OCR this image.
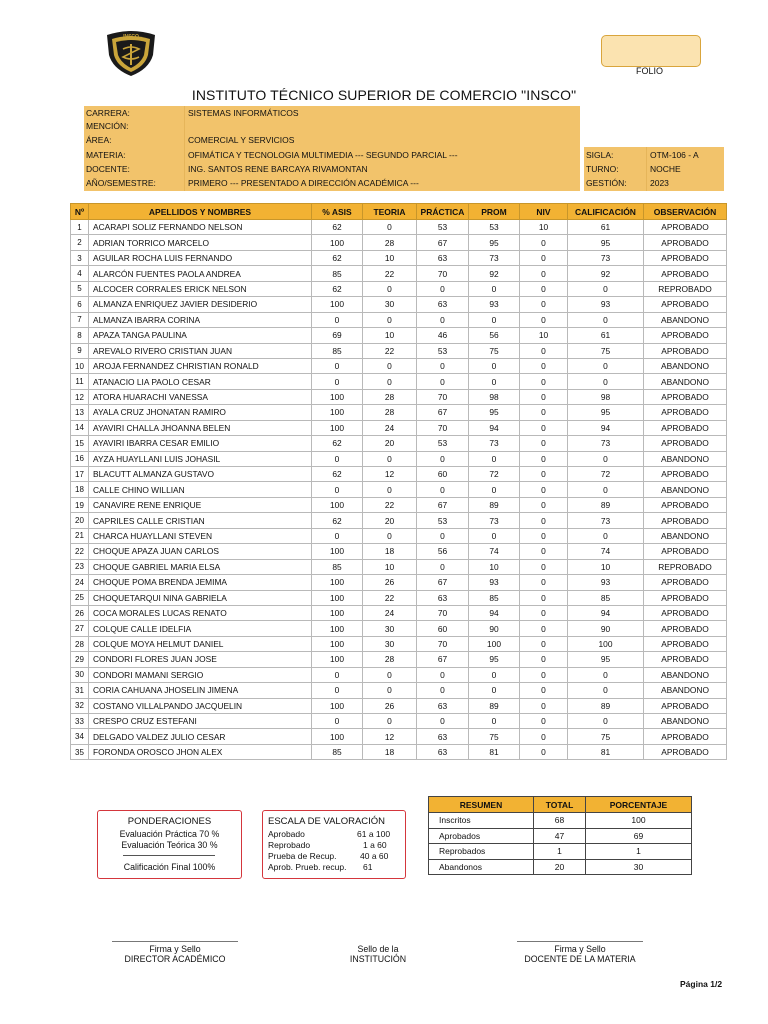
INSCO
FOLIO
INSTITUTO TÉCNICO SUPERIOR DE COMERCIO "INSCO"
CARRERA:	SISTEMAS INFORMÁTICOS
MENCIÓN:
ÁREA:	COMERCIAL Y SERVICIOS
MATERIA:	OFIMÁTICA Y TECNOLOGIA MULTIMEDIA --- SEGUNDO PARCIAL ---
DOCENTE:	ING. SANTOS RENE BARCAYA RIVAMONTAN
AÑO/SEMESTRE:	PRIMERO --- PRESENTADO A DIRECCIÓN ACADÉMICA ---
SIGLA:	OTM-106 - A
TURNO:	NOCHE
GESTIÓN:	2023
Nº	APELLIDOS Y NOMBRES	% ASIS	TEORIA	PRÁCTICA	PROM	NIV	CALIFICACIÓN	OBSERVACIÓN
1	ACARAPI SOLIZ FERNANDO NELSON	62	0	53	53	10	61	APROBADO
2	ADRIAN TORRICO MARCELO	100	28	67	95	0	95	APROBADO
3	AGUILAR ROCHA LUIS FERNANDO	62	10	63	73	0	73	APROBADO
4	ALARCÓN FUENTES PAOLA ANDREA	85	22	70	92	0	92	APROBADO
5	ALCOCER CORRALES ERICK NELSON	62	0	0	0	0	0	REPROBADO
6	ALMANZA ENRIQUEZ JAVIER DESIDERIO	100	30	63	93	0	93	APROBADO
7	ALMANZA IBARRA CORINA	0	0	0	0	0	0	ABANDONO
8	APAZA TANGA PAULINA	69	10	46	56	10	61	APROBADO
9	AREVALO RIVERO CRISTIAN JUAN	85	22	53	75	0	75	APROBADO
10	AROJA FERNANDEZ CHRISTIAN RONALD	0	0	0	0	0	0	ABANDONO
11	ATANACIO LIA PAOLO CESAR	0	0	0	0	0	0	ABANDONO
12	ATORA HUARACHI VANESSA	100	28	70	98	0	98	APROBADO
13	AYALA CRUZ JHONATAN RAMIRO	100	28	67	95	0	95	APROBADO
14	AYAVIRI CHALLA JHOANNA BELEN	100	24	70	94	0	94	APROBADO
15	AYAVIRI IBARRA CESAR EMILIO	62	20	53	73	0	73	APROBADO
16	AYZA HUAYLLANI LUIS JOHASIL	0	0	0	0	0	0	ABANDONO
17	BLACUTT ALMANZA GUSTAVO	62	12	60	72	0	72	APROBADO
18	CALLE CHINO WILLIAN	0	0	0	0	0	0	ABANDONO
19	CANAVIRE RENE ENRIQUE	100	22	67	89	0	89	APROBADO
20	CAPRILES CALLE CRISTIAN	62	20	53	73	0	73	APROBADO
21	CHARCA HUAYLLANI STEVEN	0	0	0	0	0	0	ABANDONO
22	CHOQUE APAZA JUAN CARLOS	100	18	56	74	0	74	APROBADO
23	CHOQUE GABRIEL MARIA ELSA	85	10	0	10	0	10	REPROBADO
24	CHOQUE POMA BRENDA JEMIMA	100	26	67	93	0	93	APROBADO
25	CHOQUETARQUI NINA GABRIELA	100	22	63	85	0	85	APROBADO
26	COCA MORALES LUCAS RENATO	100	24	70	94	0	94	APROBADO
27	COLQUE CALLE IDELFIA	100	30	60	90	0	90	APROBADO
28	COLQUE MOYA HELMUT DANIEL	100	30	70	100	0	100	APROBADO
29	CONDORI FLORES JUAN JOSE	100	28	67	95	0	95	APROBADO
30	CONDORI MAMANI SERGIO	0	0	0	0	0	0	ABANDONO
31	CORIA CAHUANA JHOSELIN JIMENA	0	0	0	0	0	0	ABANDONO
32	COSTANO VILLALPANDO JACQUELIN	100	26	63	89	0	89	APROBADO
33	CRESPO CRUZ ESTEFANI	0	0	0	0	0	0	ABANDONO
34	DELGADO VALDEZ JULIO CESAR	100	12	63	75	0	75	APROBADO
35	FORONDA OROSCO JHON ALEX	85	18	63	81	0	81	APROBADO
PONDERACIONES
Evaluación Práctica 70 %
Evaluación Teórica 30 %
Calificación Final 100%
ESCALA DE VALORACIÓN
Aprobado	61 a 100
Reprobado	1 a 60
Prueba de Recup.	40 a 60
Aprob. Prueb. recup. 61
RESUMEN	TOTAL	PORCENTAJE
Inscritos	68	100
Aprobados	47	69
Reprobados	1	1
Abandonos	20	30
Firma y Sello
DIRECTOR ACADÉMICO
Sello de la
INSTITUCIÓN
Firma y Sello
DOCENTE DE LA MATERIA
Página 1/2
